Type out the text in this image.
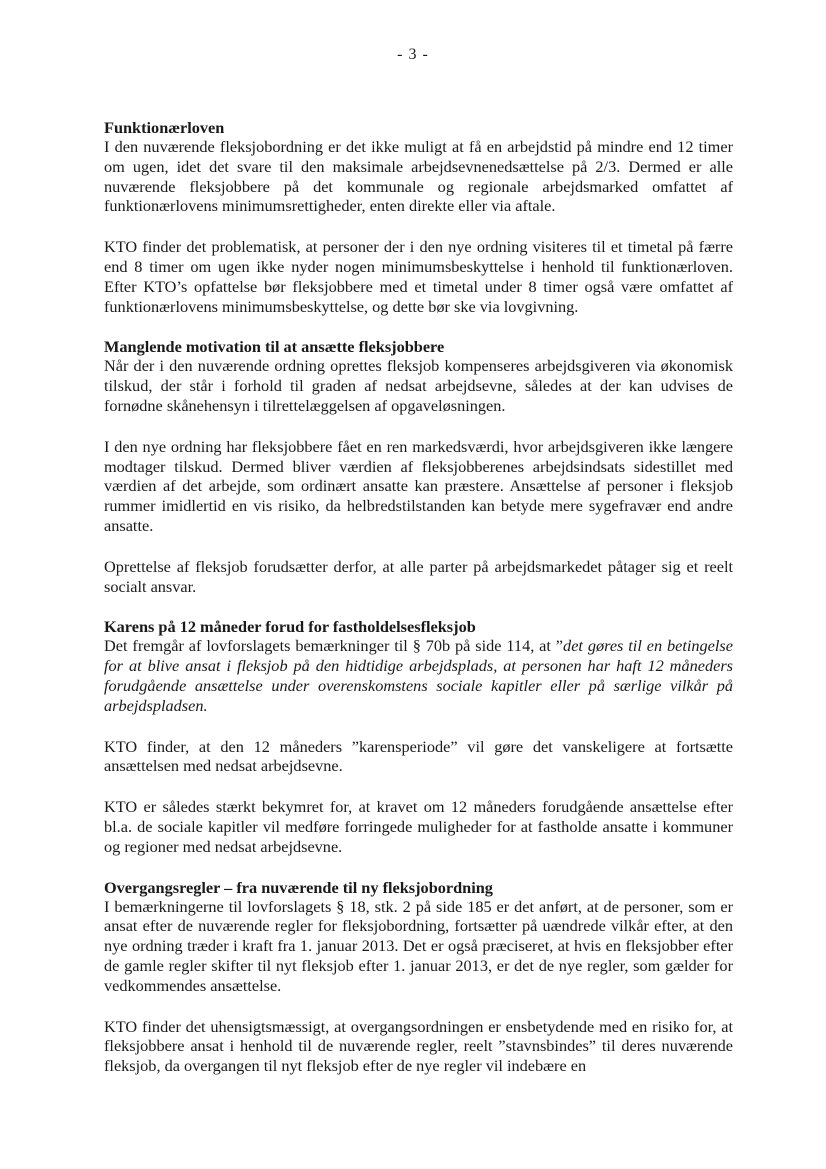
- 3 -
Funktionærloven

I den nuværende fleksjobordning er det ikke muligt at få en arbejdstid på mindre end 12 timer om ugen, idet det svare til den maksimale arbejdsevnenedsættelse på 2/3. Dermed er alle nuværende fleksjobbere på det kommunale og regionale arbejdsmarked omfattet af funktionærlovens minimumsrettigheder, enten direkte eller via aftale.

KTO finder det problematisk, at personer der i den nye ordning visiteres til et timetal på færre end 8 timer om ugen ikke nyder nogen minimumsbeskyttelse i henhold til funktionærloven. Efter KTO’s opfattelse bør fleksjobbere med et timetal under 8 timer også være omfattet af funktionærlovens minimumsbeskyttelse, og dette bør ske via lovgivning.

Manglende motivation til at ansætte fleksjobbere

Når der i den nuværende ordning oprettes fleksjob kompenseres arbejdsgiveren via økonomisk tilskud, der står i forhold til graden af nedsat arbejdsevne, således at der kan udvises de fornødne skånehensyn i tilrettelæggelsen af opgaveløsningen.

I den nye ordning har fleksjobbere fået en ren markedsværdi, hvor arbejdsgiveren ikke længere modtager tilskud. Dermed bliver værdien af fleksjobberenes arbejdsindsats sidestillet med værdien af det arbejde, som ordinært ansatte kan præstere. Ansættelse af personer i fleksjob rummer imidlertid en vis risiko, da helbredstilstanden kan betyde mere sygefravær end andre ansatte.

Oprettelse af fleksjob forudsætter derfor, at alle parter på arbejdsmarkedet påtager sig et reelt socialt ansvar.

Karens på 12 måneder forud for fastholdelsesfleksjob

Det fremgår af lovforslagets bemærkninger til § 70b på side 114, at ”det gøres til en betingelse for at blive ansat i fleksjob på den hidtidige arbejdsplads, at personen har haft 12 måneders forudgående ansættelse under overenskomstens sociale kapitler eller på særlige vilkår på arbejdspladsen.

KTO finder, at den 12 måneders ”karensperiode” vil gøre det vanskeligere at fortsætte ansættelsen med nedsat arbejdsevne.

KTO er således stærkt bekymret for, at kravet om 12 måneders forudgående ansættelse efter bl.a. de sociale kapitler vil medføre forringede muligheder for at fastholde ansatte i kommuner og regioner med nedsat arbejdsevne.

Overgangsregler – fra nuværende til ny fleksjobordning

I bemærkningerne til lovforslagets § 18, stk. 2 på side 185 er det anført, at de personer, som er ansat efter de nuværende regler for fleksjobordning, fortsætter på uændrede vilkår efter, at den nye ordning træder i kraft fra 1. januar 2013. Det er også præciseret, at hvis en fleksjobber efter de gamle regler skifter til nyt fleksjob efter 1. januar 2013, er det de nye regler, som gælder for vedkommendes ansættelse.

KTO finder det uhensigtsmæssigt, at overgangsordningen er ensbetydende med en risiko for, at fleksjobbere ansat i henhold til de nuværende regler, reelt ”stavnsbindes” til deres nuværende fleksjob, da overgangen til nyt fleksjob efter de nye regler vil indebære en
